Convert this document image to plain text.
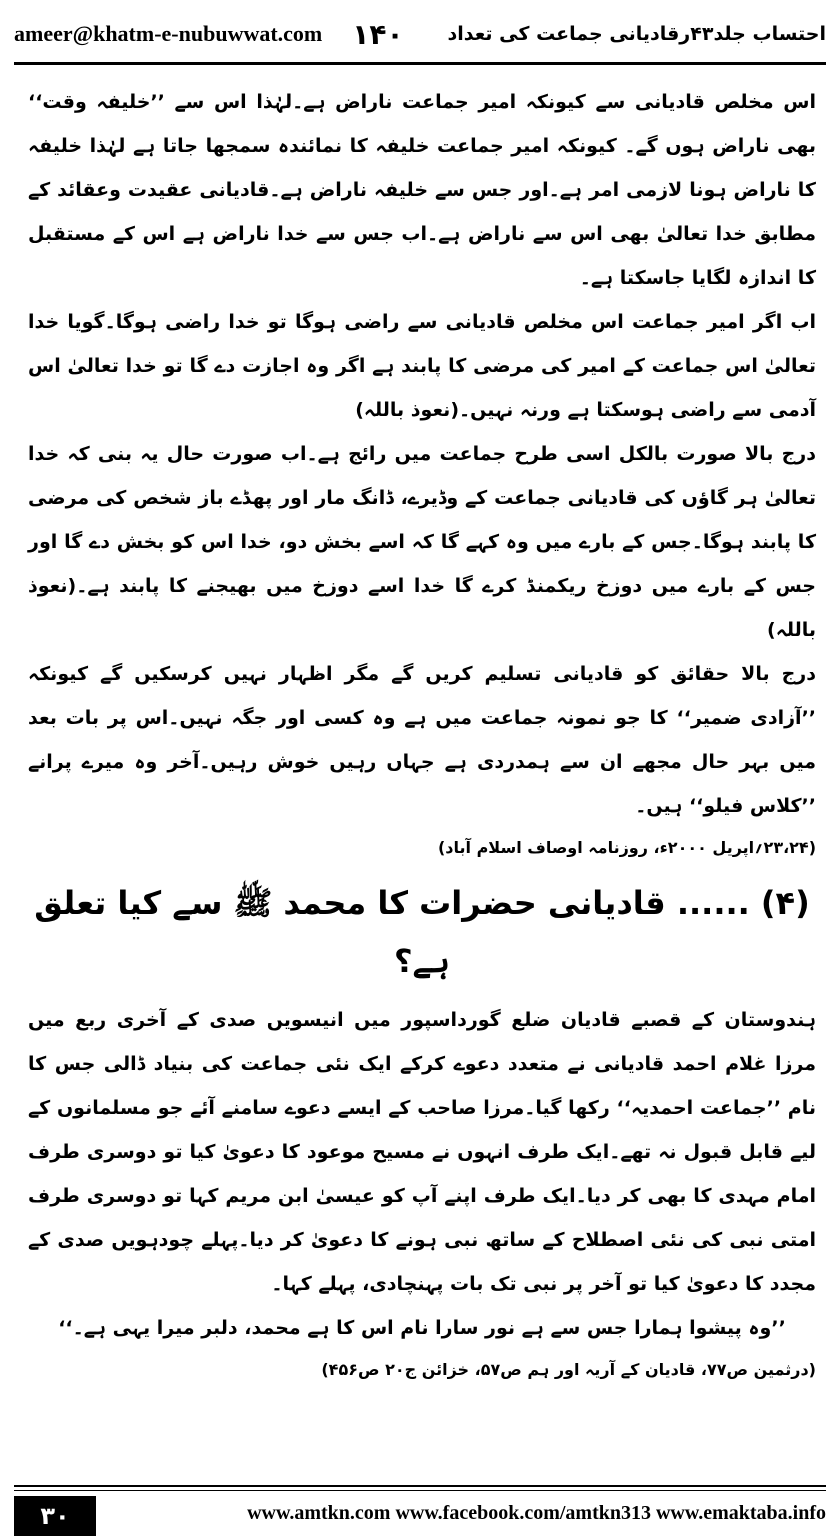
ameer@khatm-e-nubuwwat.com ۱۴۰ احتساب جلد۴۳رقادیانی جماعت کی تعداد

اس مخلص قادیانی سے کیونکہ امیر جماعت ناراض ہے۔لہٰذا اس سے ’’خلیفہ وقت‘‘ بھی ناراض ہوں گے۔ کیونکہ امیر جماعت خلیفہ کا نمائندہ سمجھا جاتا ہے لہٰذا خلیفہ کا ناراض ہونا لازمی امر ہے۔اور جس سے خلیفہ ناراض ہے۔قادیانی عقیدت وعقائد کے مطابق خدا تعالیٰ بھی اس سے ناراض ہے۔اب جس سے خدا ناراض ہے اس کے مستقبل کا اندازہ لگایا جاسکتا ہے۔

اب اگر امیر جماعت اس مخلص قادیانی سے راضی ہوگا تو خدا راضی ہوگا۔گویا خدا تعالیٰ اس جماعت کے امیر کی مرضی کا پابند ہے اگر وہ اجازت دے گا تو خدا تعالیٰ اس آدمی سے راضی ہوسکتا ہے ورنہ نہیں۔(نعوذ باللہ)

درج بالا صورت بالکل اسی طرح جماعت میں رائج ہے۔اب صورت حال یہ بنی کہ خدا تعالیٰ ہر گاؤں کی قادیانی جماعت کے وڈیرے، ڈانگ مار اور پھڈے باز شخص کی مرضی کا پابند ہوگا۔جس کے بارے میں وہ کہے گا کہ اسے بخش دو، خدا اس کو بخش دے گا اور جس کے بارے میں دوزخ ریکمنڈ کرے گا خدا اسے دوزخ میں بھیجنے کا پابند ہے۔(نعوذ باللہ)

درج بالا حقائق کو قادیانی تسلیم کریں گے مگر اظہار نہیں کرسکیں گے کیونکہ ’’آزادی ضمیر‘‘ کا جو نمونہ جماعت میں ہے وہ کسی اور جگہ نہیں۔اس پر بات بعد میں بہر حال مجھے ان سے ہمدردی ہے جہاں رہیں خوش رہیں۔آخر وہ میرے پرانے ’’کلاس فیلو‘‘ ہیں۔

(۲۳،۲۴؍اپریل ۲۰۰۰ء، روزنامہ اوصاف اسلام آباد)

(۴) ...... قادیانی حضرات کا محمد ﷺ سے کیا تعلق ہے؟

ہندوستان کے قصبے قادیان ضلع گورداسپور میں انیسویں صدی کے آخری ربع میں مرزا غلام احمد قادیانی نے متعدد دعوے کرکے ایک نئی جماعت کی بنیاد ڈالی جس کا نام ’’جماعت احمدیہ‘‘ رکھا گیا۔مرزا صاحب کے ایسے دعوے سامنے آئے جو مسلمانوں کے لیے قابل قبول نہ تھے۔ایک طرف انہوں نے مسیح موعود کا دعویٰ کیا تو دوسری طرف امام مہدی کا بھی کر دیا۔ایک طرف اپنے آپ کو عیسیٰ ابن مریم کہا تو دوسری طرف امتی نبی کی نئی اصطلاح کے ساتھ نبی ہونے کا دعویٰ کر دیا۔پہلے چودہویں صدی کے مجدد کا دعویٰ کیا تو آخر پر نبی تک بات پہنچادی، پہلے کہا۔

’’وہ پیشوا ہمارا جس سے ہے نور سارا نام اس کا ہے محمد، دلبر میرا یہی ہے۔‘‘

(درثمین ص۷۷، قادیان کے آریہ اور ہم ص۵۷، خزائن ج۲۰ ص۴۵۶)

۳۰	www.amtkn.com www.facebook.com/amtkn313 www.emaktaba.info
